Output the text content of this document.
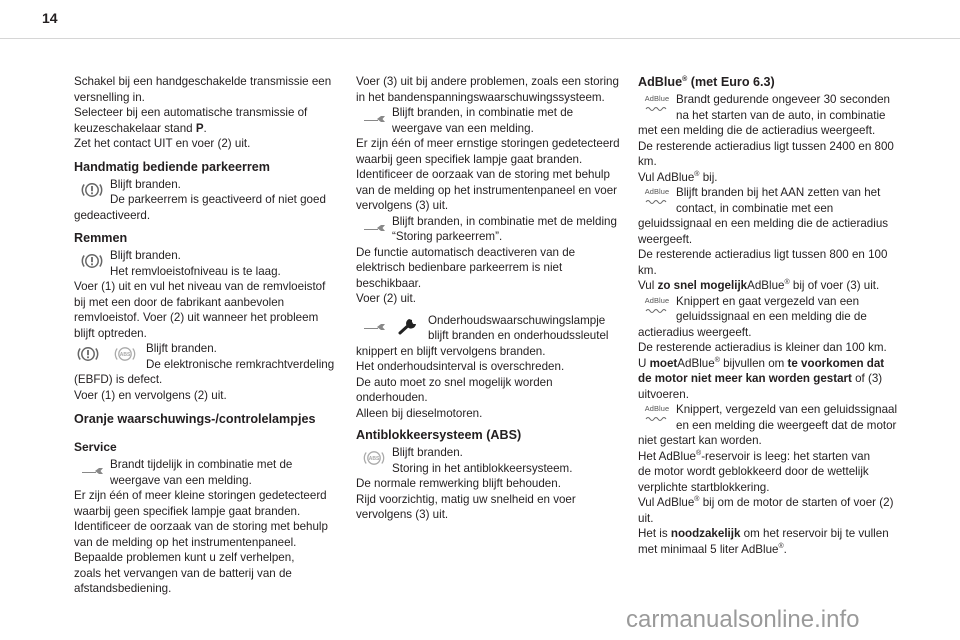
14

Schakel bij een handgeschakelde transmissie een

versnelling in.

Selecteer bij een automatische transmissie of

keuzeschakelaar stand P.

Zet het contact UIT en voer (2) uit.

Handmatig bediende parkeerrem

Blijft branden.

De parkeerrem is geactiveerd of niet goed

gedeactiveerd.

Remmen

Blijft branden.

Het remvloeistofniveau is te laag.

Voer (1) uit en vul het niveau van de remvloeistof

bij met een door de fabrikant aanbevolen

remvloeistof. Voer (2) uit wanneer het probleem

blijft optreden.

ABS Blijft branden.

De elektronische remkrachtverdeling

(EBFD) is defect.

Voer (1) en vervolgens (2) uit.

Oranje waarschuwings-/controlelampjes
Service

Brandt tijdelijk in combinatie met de

weergave van een melding.

Er zijn één of meer kleine storingen gedetecteerd

waarbij geen specifiek lampje gaat branden.

Identificeer de oorzaak van de storing met behulp

van de melding op het instrumentenpaneel.

Bepaalde problemen kunt u zelf verhelpen,

zoals het vervangen van de batterij van de

afstandsbediening.

Voer (3) uit bij andere problemen, zoals een storing

in het bandenspanningswaarschuwingssysteem.

Blijft branden, in combinatie met de

weergave van een melding.

Er zijn één of meer ernstige storingen gedetecteerd

waarbij geen specifiek lampje gaat branden.

Identificeer de oorzaak van de storing met behulp

van de melding op het instrumentenpaneel en voer

vervolgens (3) uit.

Blijft branden, in combinatie met de melding

“Storing parkeerrem”.

De functie automatisch deactiveren van de

elektrisch bedienbare parkeerrem is niet

beschikbaar.

Voer (2) uit.

Onderhoudswaarschuwingslampje

blijft branden en onderhoudssleutel

knippert en blijft vervolgens branden.

Het onderhoudsinterval is overschreden.

De auto moet zo snel mogelijk worden

onderhouden.

Alleen bij dieselmotoren.

Antiblokkeersysteem (ABS)
ABS Blijft branden.

Storing in het antiblokkeersysteem.

De normale remwerking blijft behouden.

Rijd voorzichtig, matig uw snelheid en voer

vervolgens (3) uit.

AdBlue® (met Euro 6.3)
AdBlue Brandt gedurende ongeveer 30 seconden

na het starten van de auto, in combinatie

met een melding die de actieradius weergeeft.

De resterende actieradius ligt tussen 2400 en 800

km.

Vul AdBlue® bij.

AdBlue Blijft branden bij het AAN zetten van het

contact, in combinatie met een

geluidssignaal en een melding die de actieradius

weergeeft.

De resterende actieradius ligt tussen 800 en 100

km.

Vul zo snel mogelijkAdBlue® bij of voer (3) uit.

AdBlue Knippert en gaat vergezeld van een

geluidssignaal en een melding die de

actieradius weergeeft.

De resterende actieradius is kleiner dan 100 km.

U moetAdBlue® bijvullen om te voorkomen dat

de motor niet meer kan worden gestart of (3)

uitvoeren.

AdBlue Knippert, vergezeld van een geluidssignaal

en een melding die weergeeft dat de motor

niet gestart kan worden.

Het AdBlue®-reservoir is leeg: het starten van

de motor wordt geblokkeerd door de wettelijk

verplichte startblokkering.

Vul AdBlue® bij om de motor de starten of voer (2)

uit.

Het is noodzakelijk om het reservoir bij te vullen

met minimaal 5 liter AdBlue®.

carmanualsonline.info
